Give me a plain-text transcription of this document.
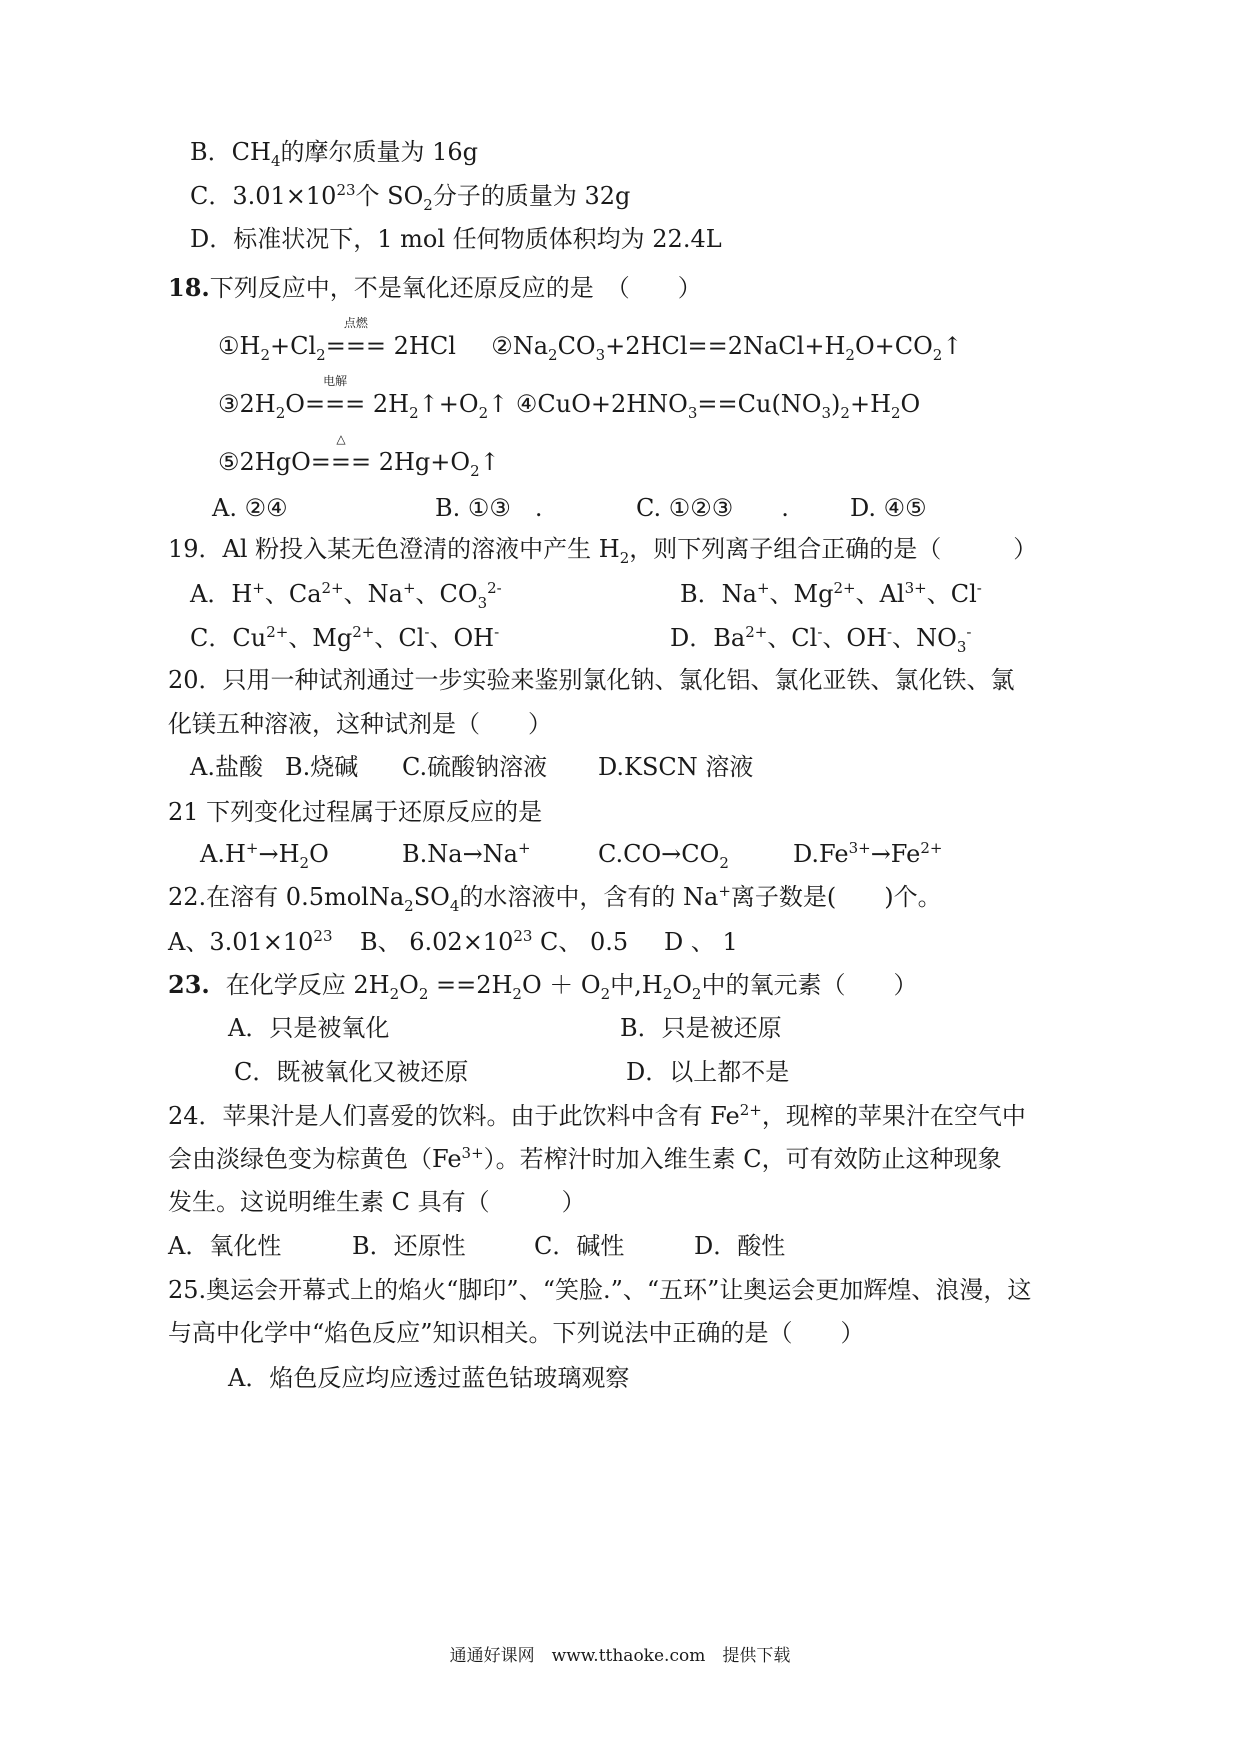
B．$CH_4$的摩尔质量为 16g
C．$3.01\times 10^{23}$个 $SO_2$分子的质量为 32g
D．标准状况下，1 mol 任何物质体积均为 22.4L
18.下列反应中，不是氧化还原反应的是　（　　）
$①H_2+Cl_2$
点燃
=== 2HCl $②Na_2CO_3+2HCl==2NaCl+H_2O+CO_2↑$
$③2H_2O$
电解
=== $2H_2↑+O_2↑$ $④CuO+2HNO_3==Cu(NO_3)_2+H_2O$
⑤2HgO
△
=== $2Hg+O_2↑$
A. ②④	B. ①③　.	C. ①②③　　.	D. ④⑤
19．Al 粉投入某无色澄清的溶液中产生 $H_2$，则下列离子组合正确的是（　　　）
A．H+、$Ca^{2+}$、Na+、$CO_3^{2-}$	B．Na+、$Mg^{2+}$、$Al^{3+}$、Cl-
C．$Cu^{2+}$、$Mg^{2+}$、Cl-、OH-	D．$Ba^{2+}$、Cl-、OH-、$NO_3^-$
20．只用一种试剂通过一步实验来鉴别氯化钠、氯化铝、氯化亚铁、氯化铁、氯
化镁五种溶液，这种试剂是（　　）
A.盐酸 B.烧碱 C.硫酸钠溶液 D.KSCN 溶液
21 下列变化过程属于还原反应的是
$A.H^+\to H_2O$	B.Na→Na+	$C.CO\to CO_2$	$D.Fe^{3+}\to Fe^{2+}$
22.在溶有 $0.5molNa_2SO_4$的水溶液中，含有的 Na+离子数是(　　)个。
A、$3.01\times 10^{23}$ B、 $6.02\times 10^{23}$ C、 0.5 D 、 1
23. 在化学反应 $2H_2O_2 ==2H_2O + O_2$中$,H_2O_2$中的氧元素（　　）
A．只是被氧化	B．只是被还原
C．既被氧化又被还原	D．以上都不是
24．苹果汁是人们喜爱的饮料。由于此饮料中含有 $Fe^{2+}$，现榨的苹果汁在空气中
会由淡绿色变为棕黄色$(Fe^{3+})$。若榨汁时加入维生素 C，可有效防止这种现象
发生。这说明维生素 C 具有（　　　）
A．氧化性	B．还原性	C．碱性	D．酸性
25.奥运会开幕式上的焰火“脚印”、“笑脸.”、“五环”让奥运会更加辉煌、浪漫，这
与高中化学中“焰色反应”知识相关。下列说法中正确的是（　　）
A．焰色反应均应透过蓝色钴玻璃观察
通通好课网　www.tthaoke.com　提供下载
